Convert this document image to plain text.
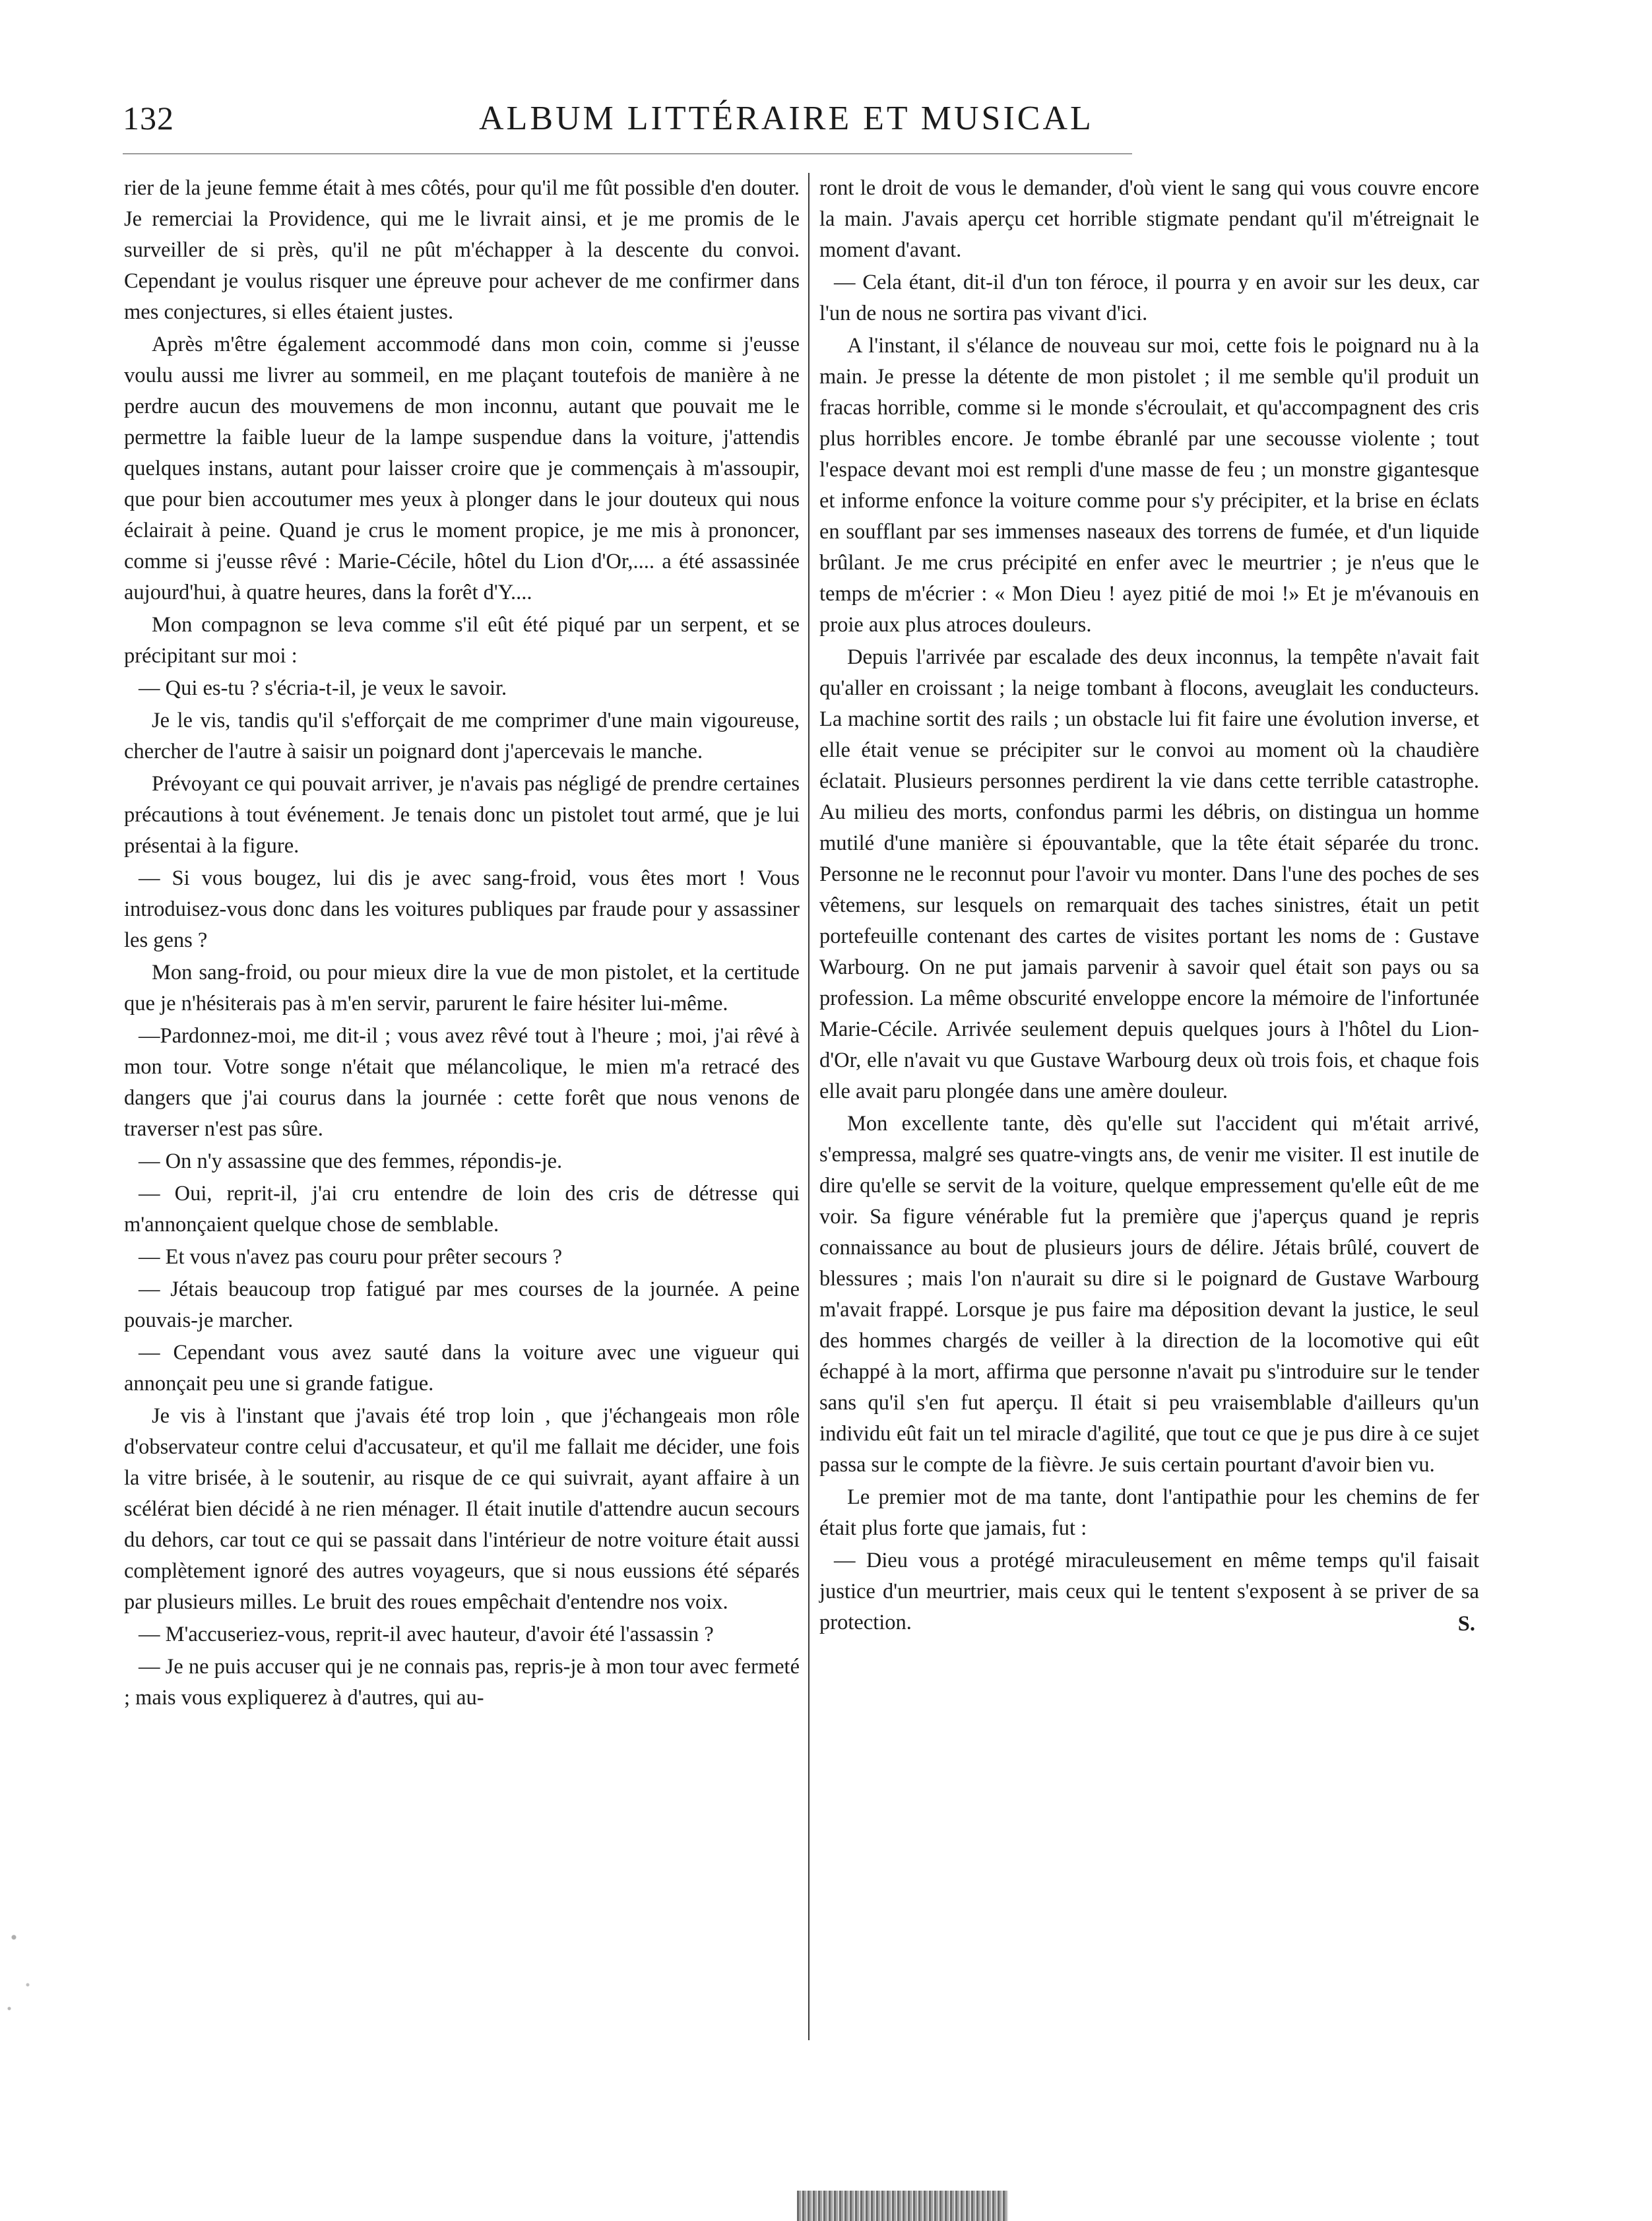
132	ALBUM LITTÉRAIRE ET MUSICAL

rier de la jeune femme était à mes côtés, pour qu'il me fût possible d'en douter. Je remerciai la Providence, qui me le livrait ainsi, et je me promis de le surveiller de si près, qu'il ne pût m'échapper à la descente du convoi. Cependant je voulus risquer une épreuve pour achever de me confirmer dans mes conjectures, si elles étaient justes.

Après m'être également accommodé dans mon coin, comme si j'eusse voulu aussi me livrer au sommeil, en me plaçant toutefois de manière à ne perdre aucun des mouvemens de mon inconnu, autant que pouvait me le permettre la faible lueur de la lampe suspendue dans la voiture, j'attendis quelques instans, autant pour laisser croire que je commençais à m'assoupir, que pour bien accoutumer mes yeux à plonger dans le jour douteux qui nous éclairait à peine. Quand je crus le moment propice, je me mis à prononcer, comme si j'eusse rêvé : Marie-Cécile, hôtel du Lion d'Or,.... a été assassinée aujourd'hui, à quatre heures, dans la forêt d'Y....

Mon compagnon se leva comme s'il eût été piqué par un serpent, et se précipitant sur moi :

— Qui es-tu ? s'écria-t-il, je veux le savoir.

Je le vis, tandis qu'il s'efforçait de me comprimer d'une main vigoureuse, chercher de l'autre à saisir un poignard dont j'apercevais le manche.

Prévoyant ce qui pouvait arriver, je n'avais pas négligé de prendre certaines précautions à tout événement. Je tenais donc un pistolet tout armé, que je lui présentai à la figure.

— Si vous bougez, lui dis je avec sang-froid, vous êtes mort ! Vous introduisez-vous donc dans les voitures publiques par fraude pour y assassiner les gens ?

Mon sang-froid, ou pour mieux dire la vue de mon pistolet, et la certitude que je n'hésiterais pas à m'en servir, parurent le faire hésiter lui-même.

—Pardonnez-moi, me dit-il ; vous avez rêvé tout à l'heure ; moi, j'ai rêvé à mon tour. Votre songe n'était que mélancolique, le mien m'a retracé des dangers que j'ai courus dans la journée : cette forêt que nous venons de traverser n'est pas sûre.

— On n'y assassine que des femmes, répondis-je.

— Oui, reprit-il, j'ai cru entendre de loin des cris de détresse qui m'annonçaient quelque chose de semblable.

— Et vous n'avez pas couru pour prêter secours ?

— Jétais beaucoup trop fatigué par mes courses de la journée. A peine pouvais-je marcher.

— Cependant vous avez sauté dans la voiture avec une vigueur qui annonçait peu une si grande fatigue.

Je vis à l'instant que j'avais été trop loin , que j'échangeais mon rôle d'observateur contre celui d'accusateur, et qu'il me fallait me décider, une fois la vitre brisée, à le soutenir, au risque de ce qui suivrait, ayant affaire à un scélérat bien décidé à ne rien ménager. Il était inutile d'attendre aucun secours du dehors, car tout ce qui se passait dans l'intérieur de notre voiture était aussi complètement ignoré des autres voyageurs, que si nous eussions été séparés par plusieurs milles. Le bruit des roues empêchait d'entendre nos voix.

— M'accuseriez-vous, reprit-il avec hauteur, d'avoir été l'assassin ?

— Je ne puis accuser qui je ne connais pas, repris-je à mon tour avec fermeté ; mais vous expliquerez à d'autres, qui au-

ront le droit de vous le demander, d'où vient le sang qui vous couvre encore la main. J'avais aperçu cet horrible stigmate pendant qu'il m'étreignait le moment d'avant.

— Cela étant, dit-il d'un ton féroce, il pourra y en avoir sur les deux, car l'un de nous ne sortira pas vivant d'ici.

A l'instant, il s'élance de nouveau sur moi, cette fois le poignard nu à la main. Je presse la détente de mon pistolet ; il me semble qu'il produit un fracas horrible, comme si le monde s'écroulait, et qu'accompagnent des cris plus horribles encore. Je tombe ébranlé par une secousse violente ; tout l'espace devant moi est rempli d'une masse de feu ; un monstre gigantesque et informe enfonce la voiture comme pour s'y précipiter, et la brise en éclats en soufflant par ses immenses naseaux des torrens de fumée, et d'un liquide brûlant. Je me crus précipité en enfer avec le meurtrier ; je n'eus que le temps de m'écrier : « Mon Dieu ! ayez pitié de moi !» Et je m'évanouis en proie aux plus atroces douleurs.

Depuis l'arrivée par escalade des deux inconnus, la tempête n'avait fait qu'aller en croissant ; la neige tombant à flocons, aveuglait les conducteurs. La machine sortit des rails ; un obstacle lui fit faire une évolution inverse, et elle était venue se précipiter sur le convoi au moment où la chaudière éclatait. Plusieurs personnes perdirent la vie dans cette terrible catastrophe. Au milieu des morts, confondus parmi les débris, on distingua un homme mutilé d'une manière si épouvantable, que la tête était séparée du tronc. Personne ne le reconnut pour l'avoir vu monter. Dans l'une des poches de ses vêtemens, sur lesquels on remarquait des taches sinistres, était un petit portefeuille contenant des cartes de visites portant les noms de : Gustave Warbourg. On ne put jamais parvenir à savoir quel était son pays ou sa profession. La même obscurité enveloppe encore la mémoire de l'infortunée Marie-Cécile. Arrivée seulement depuis quelques jours à l'hôtel du Lion-d'Or, elle n'avait vu que Gustave Warbourg deux où trois fois, et chaque fois elle avait paru plongée dans une amère douleur.

Mon excellente tante, dès qu'elle sut l'accident qui m'était arrivé, s'empressa, malgré ses quatre-vingts ans, de venir me visiter. Il est inutile de dire qu'elle se servit de la voiture, quelque empressement qu'elle eût de me voir. Sa figure vénérable fut la première que j'aperçus quand je repris connaissance au bout de plusieurs jours de délire. Jétais brûlé, couvert de blessures ; mais l'on n'aurait su dire si le poignard de Gustave Warbourg m'avait frappé. Lorsque je pus faire ma déposition devant la justice, le seul des hommes chargés de veiller à la direction de la locomotive qui eût échappé à la mort, affirma que personne n'avait pu s'introduire sur le tender sans qu'il s'en fut aperçu. Il était si peu vraisemblable d'ailleurs qu'un individu eût fait un tel miracle d'agilité, que tout ce que je pus dire à ce sujet passa sur le compte de la fièvre. Je suis certain pourtant d'avoir bien vu.

Le premier mot de ma tante, dont l'antipathie pour les chemins de fer était plus forte que jamais, fut :

— Dieu vous a protégé miraculeusement en même temps qu'il faisait justice d'un meurtrier, mais ceux qui le tentent s'exposent à se priver de sa protection.	S.
